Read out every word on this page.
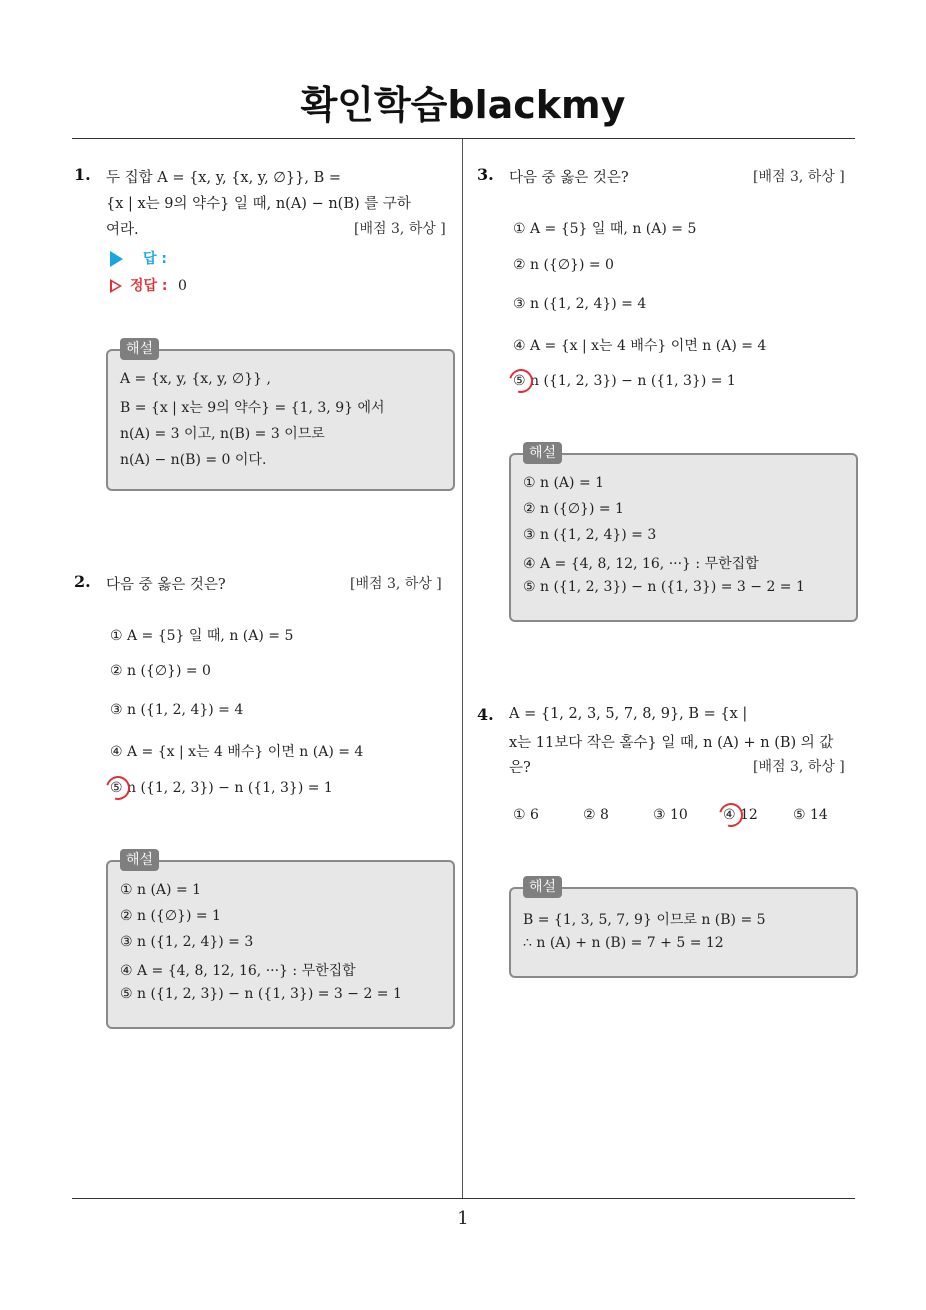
확인학습blackmy
1
1. 두 집합 A = {x, y, {x, y, ∅}}, B =
{x | x는 9의 약수} 일 때, n(A) − n(B) 를 구하
여라.	[배점 3, 하상 ]
답 :
정답 : 0
A = {x, y, {x, y, ∅}} ,
B = {x | x는 9의 약수} = {1, 3, 9} 에서
n(A) = 3 이고, n(B) = 3 이므로
n(A) − n(B) = 0 이다.
해설
2. 다음 중 옳은 것은?	[배점 3, 하상 ]
① A = {5} 일 때, n (A) = 5
② n ({∅}) = 0
③ n ({1, 2, 4}) = 4
④ A = {x | x는 4 배수} 이면 n (A) = 4
⑤ n ({1, 2, 3}) − n ({1, 3}) = 1
① n (A) = 1
② n ({∅}) = 1
③ n ({1, 2, 4}) = 3
④ A = {4, 8, 12, 16, ···} : 무한집합
⑤ n ({1, 2, 3}) − n ({1, 3}) = 3 − 2 = 1
해설
3. 다음 중 옳은 것은?	[배점 3, 하상 ]
① A = {5} 일 때, n (A) = 5
② n ({∅}) = 0
③ n ({1, 2, 4}) = 4
④ A = {x | x는 4 배수} 이면 n (A) = 4
⑤ n ({1, 2, 3}) − n ({1, 3}) = 1
① n (A) = 1
② n ({∅}) = 1
③ n ({1, 2, 4}) = 3
④ A = {4, 8, 12, 16, ···} : 무한집합
⑤ n ({1, 2, 3}) − n ({1, 3}) = 3 − 2 = 1
해설
4. A = {1, 2, 3, 5, 7, 8, 9}, B = {x |
x는 11보다 작은 홀수} 일 때, n (A) + n (B) 의 값
은?	[배점 3, 하상 ]
① 6	② 8	③ 10	④ 12	⑤ 14
B = {1, 3, 5, 7, 9} 이므로 n (B) = 5
∴ n (A) + n (B) = 7 + 5 = 12
해설
